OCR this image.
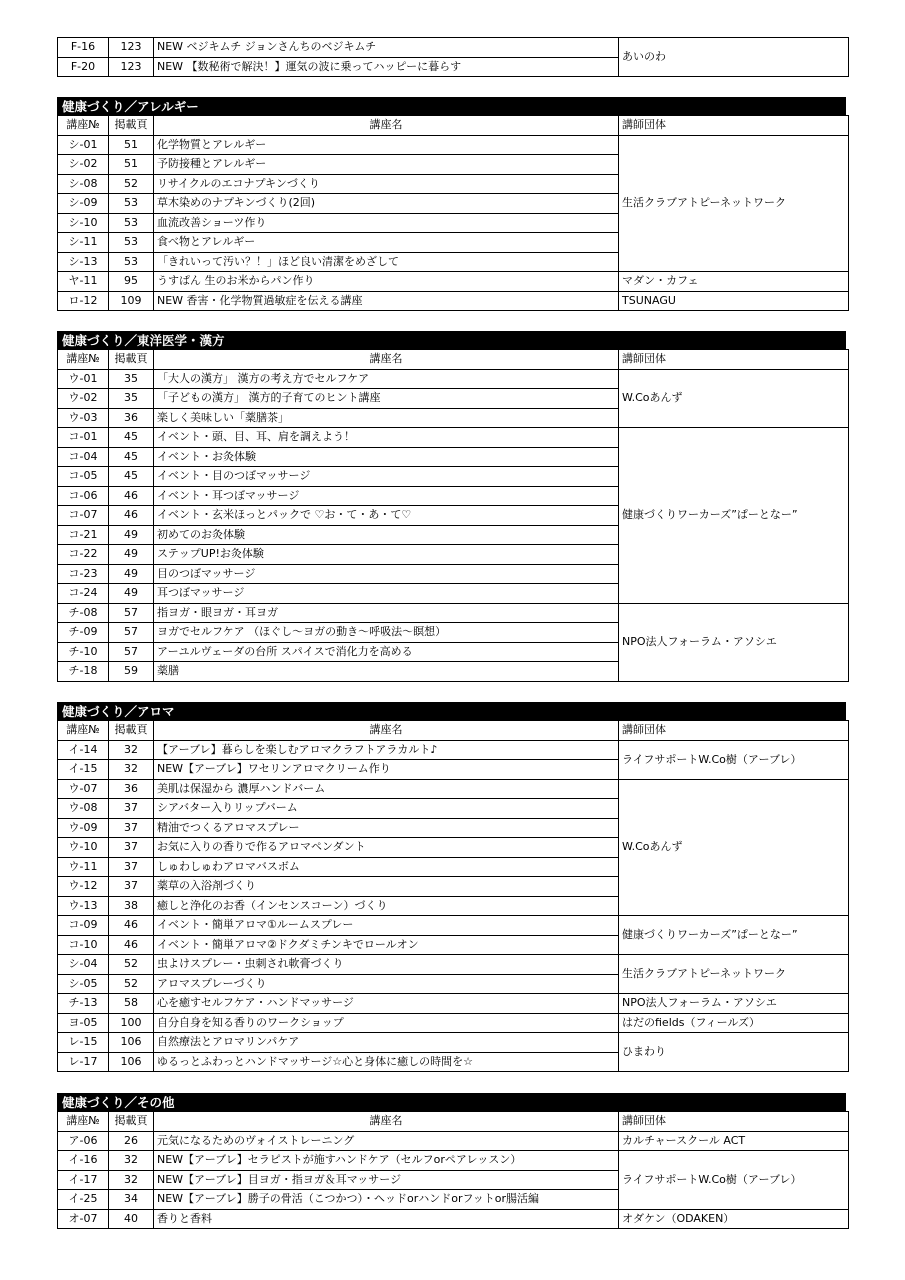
F-16	123	NEW ベジキムチ ジョンさんちのベジキムチ	あいのわ
F-20	123	NEW 【数秘術で解決！】運気の波に乗ってハッピーに暮らす	
健康づくり／アレルギー
講座№	掲載頁	講座名	講師団体
シ-01	51	化学物質とアレルギー	生活クラブアトピーネットワーク
シ-02	51	予防接種とアレルギー	
シ-08	52	リサイクルのエコナプキンづくり	
シ-09	53	草木染めのナプキンづくり(2回)	
シ-10	53	血流改善ショーツ作り	
シ-11	53	食べ物とアレルギー	
シ-13	53	「きれいって汚い？！」ほど良い清潔をめざして	
ヤ-11	95	うすぱん 生のお米からパン作り	マダン・カフェ
ロ-12	109	NEW 香害・化学物質過敏症を伝える講座	TSUNAGU
健康づくり／東洋医学・漢方
講座№	掲載頁	講座名	講師団体
ウ-01	35	「大人の漢方」 漢方の考え方でセルフケア	W.Coあんず
ウ-02	35	「子どもの漢方」 漢方的子育てのヒント講座	
ウ-03	36	楽しく美味しい「薬膳茶」	
コ-01	45	イベント・頭、目、耳、肩を調えよう！	健康づくりワーカーズ”ぱーとなー”
コ-04	45	イベント・お灸体験	
コ-05	45	イベント・目のつぼマッサージ	
コ-06	46	イベント・耳つぼマッサージ	
コ-07	46	イベント・玄米ほっとパックで ♡お・て・あ・て♡	
コ-21	49	初めてのお灸体験	
コ-22	49	ステップUP!お灸体験	
コ-23	49	目のつぼマッサージ	
コ-24	49	耳つぼマッサージ	
チ-08	57	指ヨガ・眼ヨガ・耳ヨガ	NPO法人フォーラム・アソシエ
チ-09	57	ヨガでセルフケア （ほぐし～ヨガの動き～呼吸法～瞑想）	
チ-10	57	アーユルヴェーダの台所 スパイスで消化力を高める	
チ-18	59	薬膳	
健康づくり／アロマ
講座№	掲載頁	講座名	講師団体
イ-14	32	【アーブレ】暮らしを楽しむアロマクラフトアラカルト♪	ライフサポートW.Co樹（アーブレ）
イ-15	32	NEW【アーブレ】ワセリンアロマクリーム作り	
ウ-07	36	美肌は保湿から 濃厚ハンドバーム	W.Coあんず
ウ-08	37	シアバター入りリップバーム	
ウ-09	37	精油でつくるアロマスプレー	
ウ-10	37	お気に入りの香りで作るアロマペンダント	
ウ-11	37	しゅわしゅわアロマバスボム	
ウ-12	37	薬草の入浴剤づくり	
ウ-13	38	癒しと浄化のお香（インセンスコーン）づくり	
コ-09	46	イベント・簡単アロマ①ルームスプレー	健康づくりワーカーズ”ぱーとなー”
コ-10	46	イベント・簡単アロマ②ドクダミチンキでロールオン	
シ-04	52	虫よけスプレー・虫刺され軟膏づくり	生活クラブアトピーネットワーク
シ-05	52	アロマスプレーづくり	
チ-13	58	心を癒すセルフケア・ハンドマッサージ	NPO法人フォーラム・アソシエ
ヨ-05	100	自分自身を知る香りのワークショップ	はだのfields（フィールズ）
レ-15	106	自然療法とアロマリンパケア	ひまわり
レ-17	106	ゆるっとふわっとハンドマッサージ☆心と身体に癒しの時間を☆	
健康づくり／その他
講座№	掲載頁	講座名	講師団体
ア-06	26	元気になるためのヴォイストレーニング	カルチャースクール ACT
イ-16	32	NEW【アーブレ】セラピストが施すハンドケア（セルフorペアレッスン）	ライフサポートW.Co樹（アーブレ）
イ-17	32	NEW【アーブレ】目ヨガ・指ヨガ＆耳マッサージ	
イ-25	34	NEW【アーブレ】勝子の骨活（こつかつ）・ヘッドorハンドorフットor腸活編	
オ-07	40	香りと香料	オダケン（ODAKEN）
